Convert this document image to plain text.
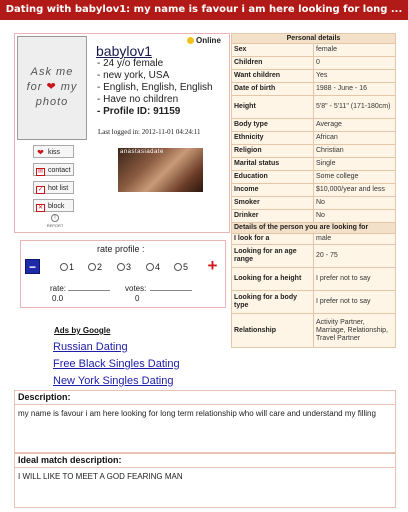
Dating with babylov1: my name is favour i am here looking for long ...
Ask me
for ❤ my
photo
Online
babylov1
- 24 y/o female
- new york, USA
- English, English, English
- Have no children
- Profile ID: 91159
Last logged in: 2012-11-01 04:24:11
anastasiadate
❤ kiss
✉ contact
✓ hot list
✕ block
!
REPORT
rate profile :
−	1	2	3	4	5 +
rate:
0.0
votes:
0
Ads by Google
Russian Dating
Free Black Singles Dating
New York Singles Dating
Personal details	
Sex	female
Children	0
Want children	Yes
Date of birth	1988 - June - 16
Height	5'8" - 5'11" (171-180cm)
Body type	Average
Ethnicity	African
Religion	Christian
Marital status	Single
Education	Some college
Income	$10,000/year and less
Smoker	No
Drinker	No
Details of the person you are looking for	
I look for a	male
Looking for an age range	20 - 75
Looking for a height	I prefer not to say
Looking for a body type	I prefer not to say
Relationship	Activity Partner, Marriage, Relationship, Travel Partner
Description:
my name is favour i am here looking for long term relationship who will care and understand my filling
Ideal match description:
I WILL LIKE TO MEET A GOD FEARING MAN
